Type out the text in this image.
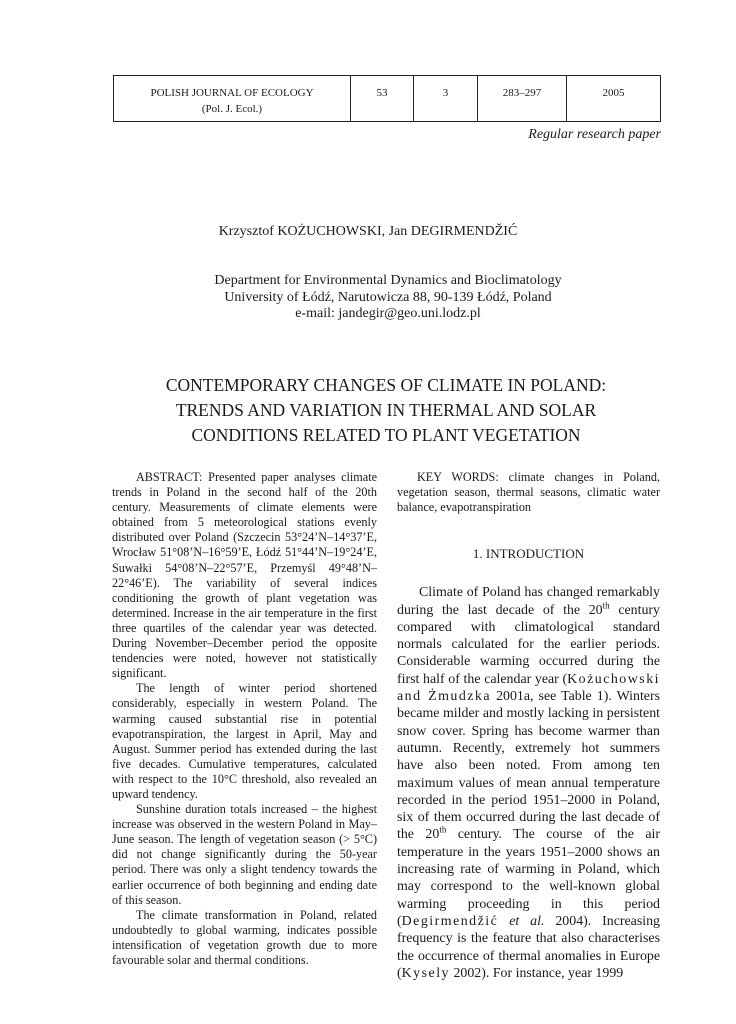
POLISH JOURNAL OF ECOLOGY
(Pol. J. Ecol.)
	53	3	283–297	2005
Regular research paper
Krzysztof KOŻUCHOWSKI, Jan DEGIRMENDŽIĆ
Department for Environmental Dynamics and Bioclimatology
University of Łódź, Narutowicza 88, 90-139 Łódź, Poland
e-mail: jandegir@geo.uni.lodz.pl
CONTEMPORARY CHANGES OF CLIMATE IN POLAND:
TRENDS AND VARIATION IN THERMAL AND SOLAR
CONDITIONS RELATED TO PLANT VEGETATION

ABSTRACT: Presented paper analyses climate trends in Poland in the second half of the 20th century. Measurements of climate elements were obtained from 5 meteorological stations evenly distributed over Poland (Szczecin 53°24’N–14°37’E, Wrocław 51°08’N–16°59’E, Łódź 51°44’N–19°24’E, Suwałki 54°08’N–22°57’E, Przemyśl 49°48’N–22°46’E). The variability of several indices conditioning the growth of plant vegetation was determined. Increase in the air temperature in the first three quartiles of the calendar year was detected. During November–December period the opposite tendencies were noted, however not statistically significant.

The length of winter period shortened considerably, especially in western Poland. The warming caused substantial rise in potential evapotranspiration, the largest in April, May and August. Summer period has extended during the last five decades. Cumulative temperatures, calculated with respect to the 10°C threshold, also revealed an upward tendency.

Sunshine duration totals increased – the highest increase was observed in the western Poland in May–June season. The length of vegetation season (> 5°C) did not change significantly during the 50-year period. There was only a slight tendency towards the earlier occurrence of both beginning and ending date of this season.

The climate transformation in Poland, related undoubtedly to global warming, indicates possible intensification of vegetation growth due to more favourable solar and thermal conditions.

KEY WORDS: climate changes in Poland, vegetation season, thermal seasons, climatic water balance, evapotranspiration

1. INTRODUCTION

Climate of Poland has changed remarkably during the last decade of the 20th century compared with climatological standard normals calculated for the earlier periods. Considerable warming occurred during the first half of the calendar year (Kożuchowski and Żmudzka 2001a, see Table 1). Winters became milder and mostly lacking in persistent snow cover. Spring has become warmer than autumn. Recently, extremely hot summers have also been noted. From among ten maximum values of mean annual temperature recorded in the period 1951–2000 in Poland, six of them occurred during the last decade of the 20th century. The course of the air temperature in the years 1951–2000 shows an increasing rate of warming in Poland, which may correspond to the well-known global warming proceeding in this period (Degirmendžić et al. 2004). Increasing frequency is the feature that also characterises the occurrence of thermal anomalies in Europe (Kysely 2002). For instance, year 1999
